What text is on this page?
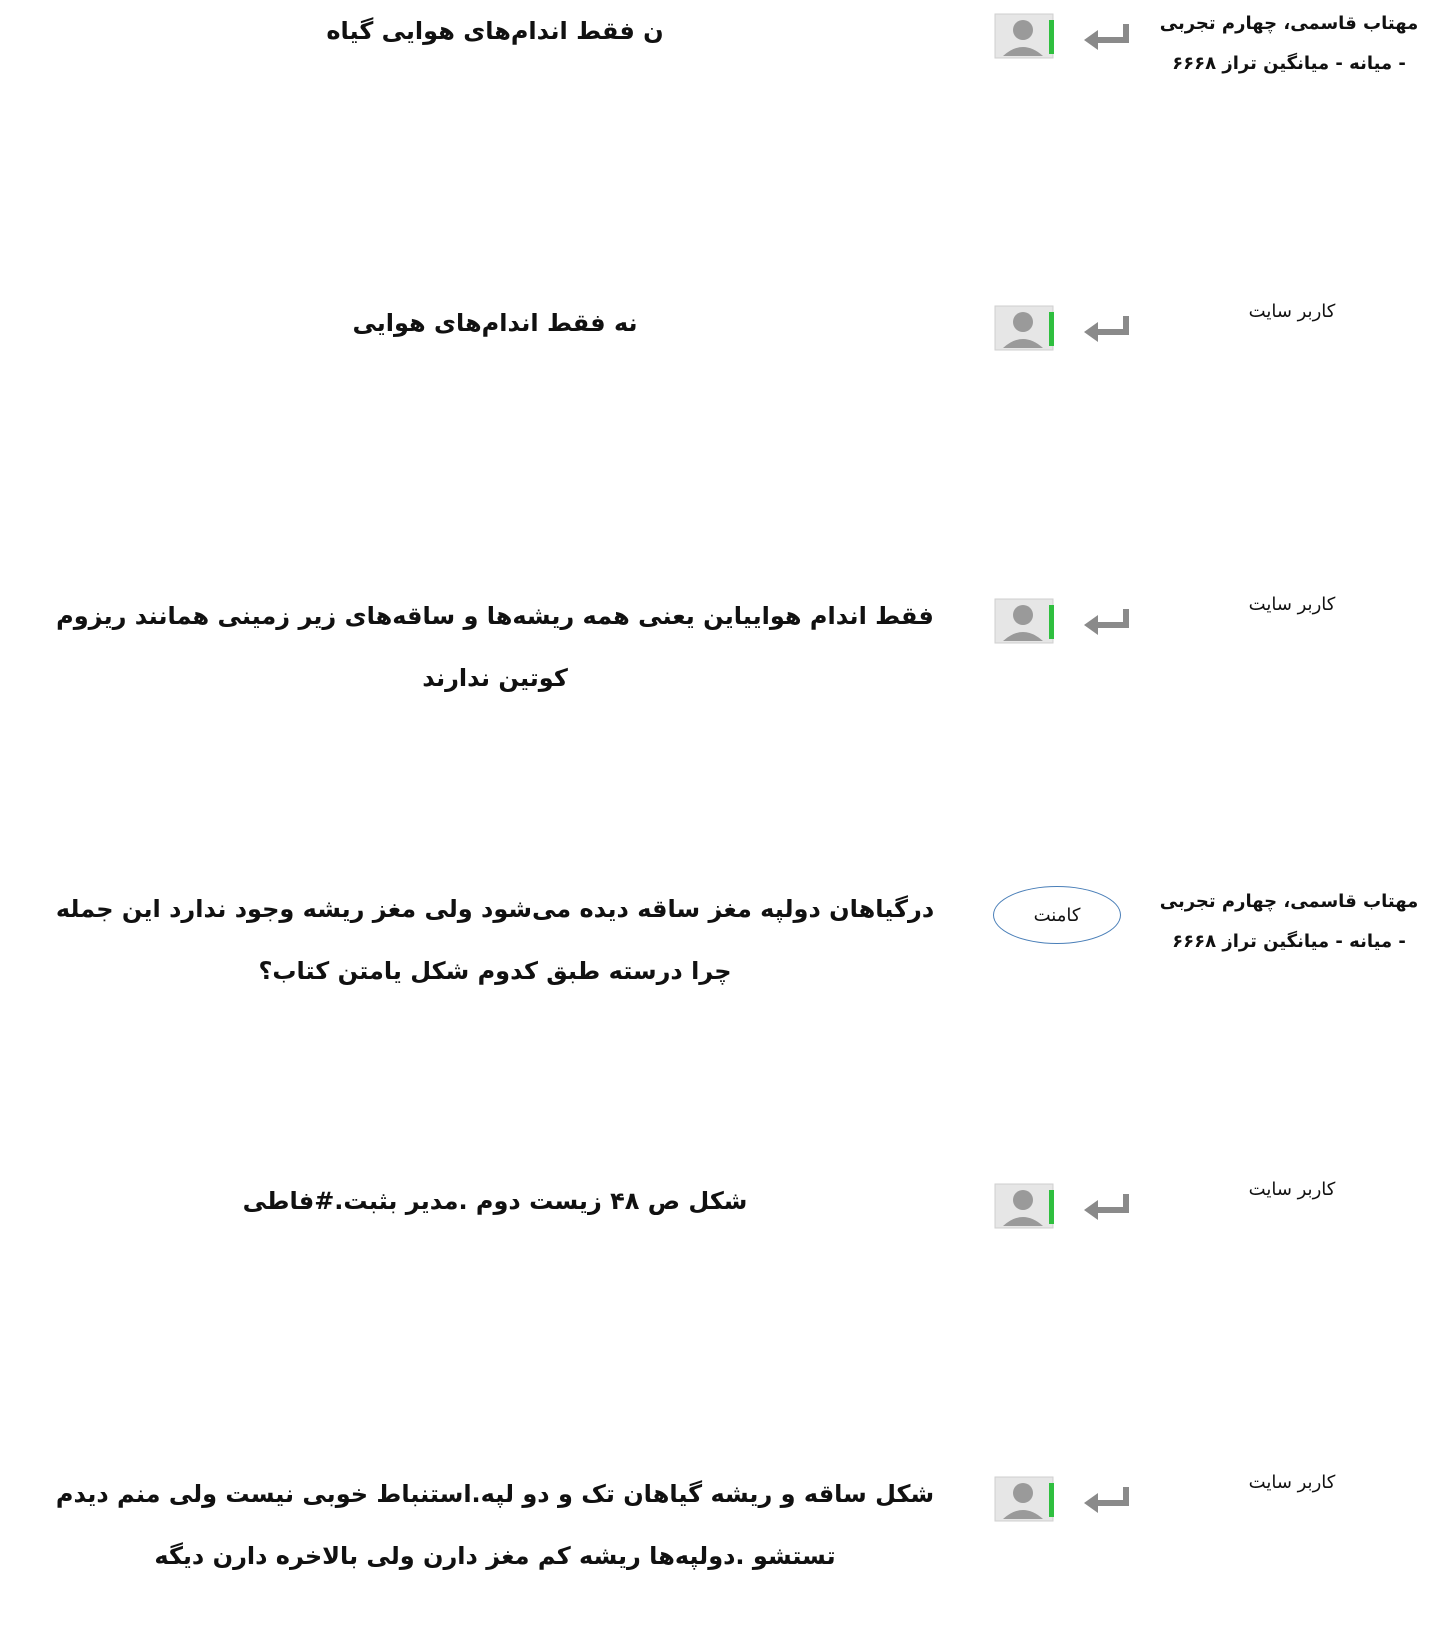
مهتاب قاسمی، چهارم تجربی - میانه - میانگین تراز ۶۶۶۸
ن فقط اندام‌های هوایی گیاه
کاربر سایت
نه فقط اندام‌های هوایی
کاربر سایت
فقط اندام هواییاین یعنی همه ریشه‌ها و ساقه‌های زیر زمینی همانند ریزوم کوتین ندارند
مهتاب قاسمی، چهارم تجربی - میانه - میانگین تراز ۶۶۶۸
کامنت
درگیاهان دولپه مغز ساقه دیده می‌شود ولی مغز ریشه وجود ندارد این جمله چرا درسته طبق کدوم شکل یامتن کتاب؟
کاربر سایت
شکل ص ۴۸ زیست دوم .مدیر بثبت.#فاطی
کاربر سایت
شکل ساقه و ریشه گیاهان تک و دو لپه.استنباط خوبی نیست ولی منم دیدم تستشو .دولپه‌ها ریشه کم مغز دارن ولی بالاخره دارن دیگه
